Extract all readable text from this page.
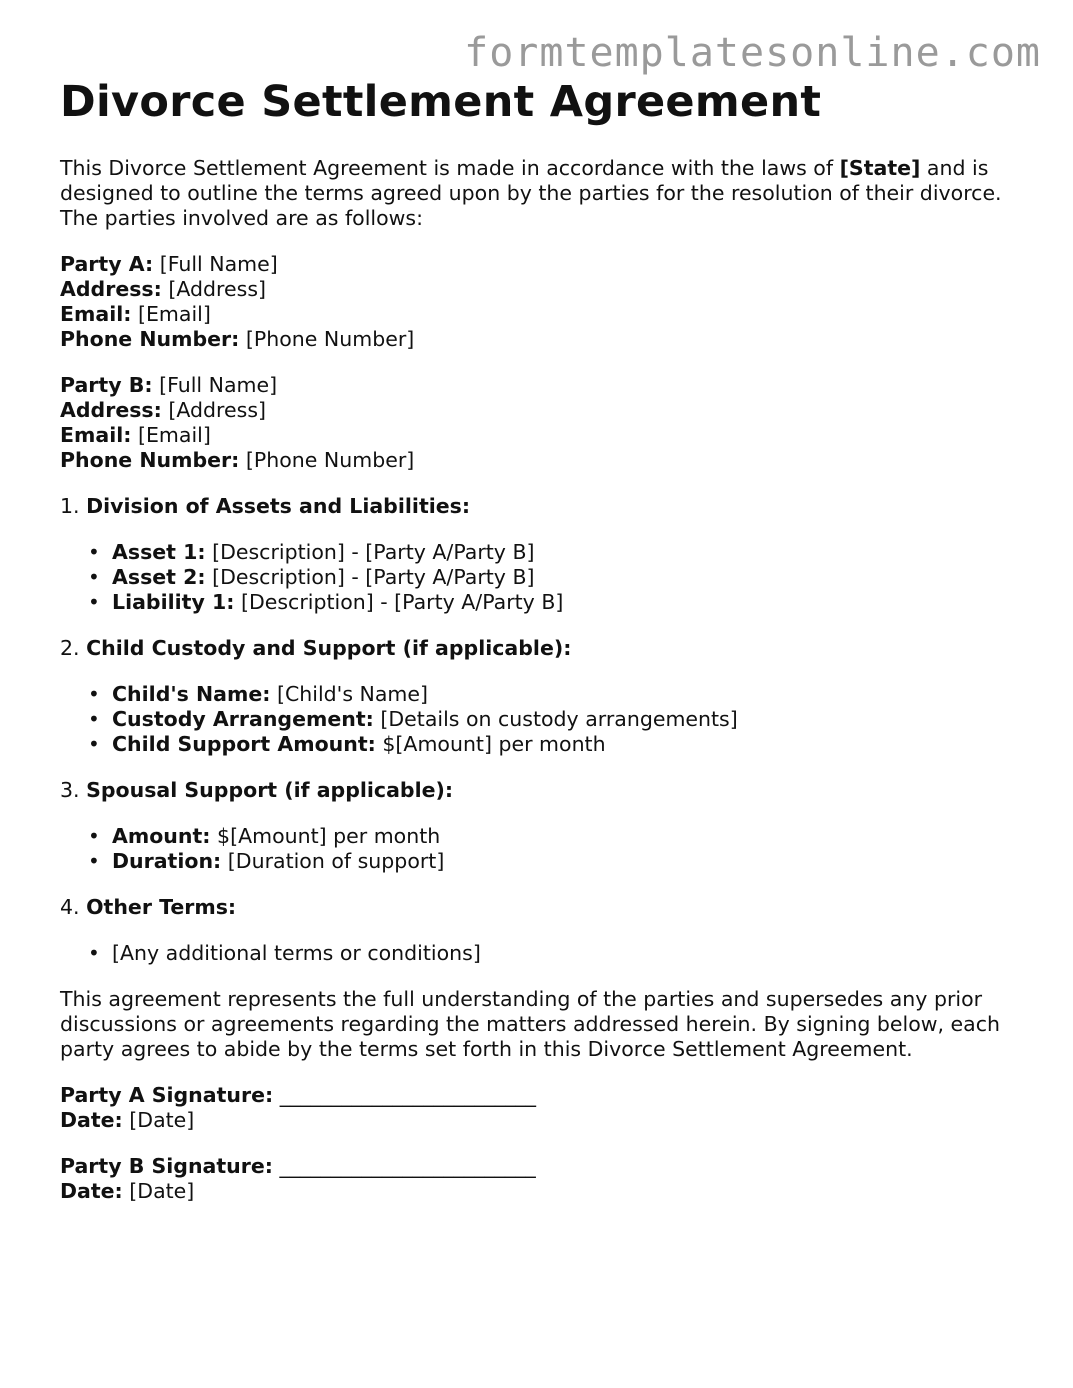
formtemplatesonline.com
Divorce Settlement Agreement

This Divorce Settlement Agreement is made in accordance with the laws of [State] and is designed to outline the terms agreed upon by the parties for the resolution of their divorce. The parties involved are as follows:

Party A: [Full Name]
Address: [Address]
Email: [Email]
Phone Number: [Phone Number]
Party B: [Full Name]
Address: [Address]
Email: [Email]
Phone Number: [Phone Number]
1. Division of Assets and Liabilities:
• Asset 1: [Description] - [Party A/Party B]
• Asset 2: [Description] - [Party A/Party B]
• Liability 1: [Description] - [Party A/Party B]
2. Child Custody and Support (if applicable):
• Child's Name: [Child's Name]
• Custody Arrangement: [Details on custody arrangements]
• Child Support Amount: $[Amount] per month
3. Spousal Support (if applicable):
• Amount: $[Amount] per month
• Duration: [Duration of support]
4. Other Terms:
• [Any additional terms or conditions]

This agreement represents the full understanding of the parties and supersedes any prior discussions or agreements regarding the matters addressed herein. By signing below, each party agrees to abide by the terms set forth in this Divorce Settlement Agreement.

Party A Signature: _________________________
Date: [Date]
Party B Signature: _________________________
Date: [Date]
